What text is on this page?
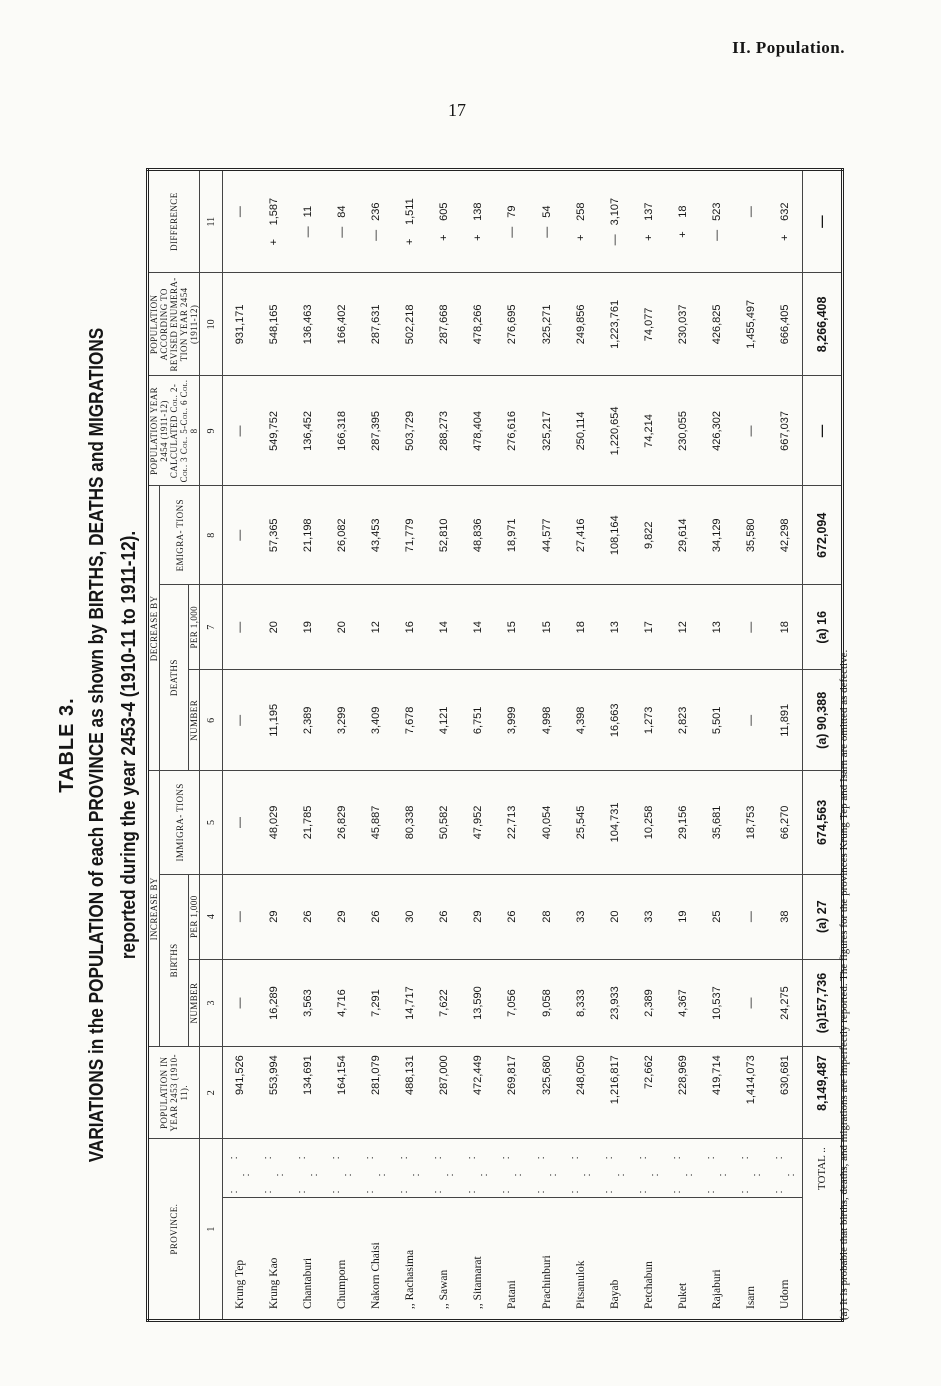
II. Population.
17
TABLE 3. VARIATIONS in the POPULATION of each PROVINCE as shown by BIRTHS, DEATHS and MIGRATIONS reported during the year 2453-4 (1910-11 to 1911-12).
PROVINCE.		POPULATION IN YEAR 2453 (1910-11).	INCREASE BY			DECREASE BY			POPULATION YEAR 2454 (1911-12) CALCULATED Col. 2-Col. 3 Col. 5-Col. 6 Col. 8	POPULATION ACCORDING TO REVISED ENUMERA- TION YEAR 2454 (1911-12)	DIFFERENCE
			BIRTHS		IMMIGRA- TIONS	DEATHS		EMIGRA- TIONS			
			NUMBER	PER 1,000		NUMBER	PER 1,000				
1		2	3	4	5	6	7	8	9	10	11
Krung Tep	: : :	941,526	—	—	—	—	—	—	—	931,171	—
Krung Kao	: : :	553,994	16,289	29	48,029	11,195	20	57,365	549,752	548,165	+1,587
Chantaburi	: : :	134,691	3,563	26	21,785	2,389	19	21,198	136,452	136,463	—11
Chumporn	: : :	164,154	4,716	29	26,829	3,299	20	26,082	166,318	166,402	—84
Nakorn Chaisi	: : :	281,079	7,291	26	45,887	3,409	12	43,453	287,395	287,631	—236
,, Rachasima	: : :	488,131	14,717	30	80,338	7,678	16	71,779	503,729	502,218	+1,511
,, Sawan	: : :	287,000	7,622	26	50,582	4,121	14	52,810	288,273	287,668	+605
,, Sitamarat	: : :	472,449	13,590	29	47,952	6,751	14	48,836	478,404	478,266	+138
Patani	: : :	269,817	7,056	26	22,713	3,999	15	18,971	276,616	276,695	—79
Prachinburi	: : :	325,680	9,058	28	40,054	4,998	15	44,577	325,217	325,271	—54
Pitsanulok	: : :	248,050	8,333	33	25,545	4,398	18	27,416	250,114	249,856	+258
Bayab	: : :	1,216,817	23,933	20	104,731	16,663	13	108,164	1,220,654	1,223,761	—3,107
Petchabun	: : :	72,662	2,389	33	10,258	1,273	17	9,822	74,214	74,077	+137
Puket	: : :	228,969	4,367	19	29,156	2,823	12	29,614	230,055	230,037	+18
Rajaburi	: : :	419,714	10,537	25	35,681	5,501	13	34,129	426,302	426,825	—523
Isarn	: : :	1,414,073	—	—	18,753	—	—	35,580	—	1,455,497	—
Udorn	: : :	630,681	24,275	38	66,270	11,891	18	42,298	667,037	666,405	+632
TOTAL ..		8,149,487	(a)157,736	(a) 27	674,563	(a) 90,388	(a) 16	672,094	—	8,266,408	—
(a) It is probable that births, deaths, and migrations are imperfectly reported. The figures for the provinces Krung Tep and Isarn are omitted as defective.
